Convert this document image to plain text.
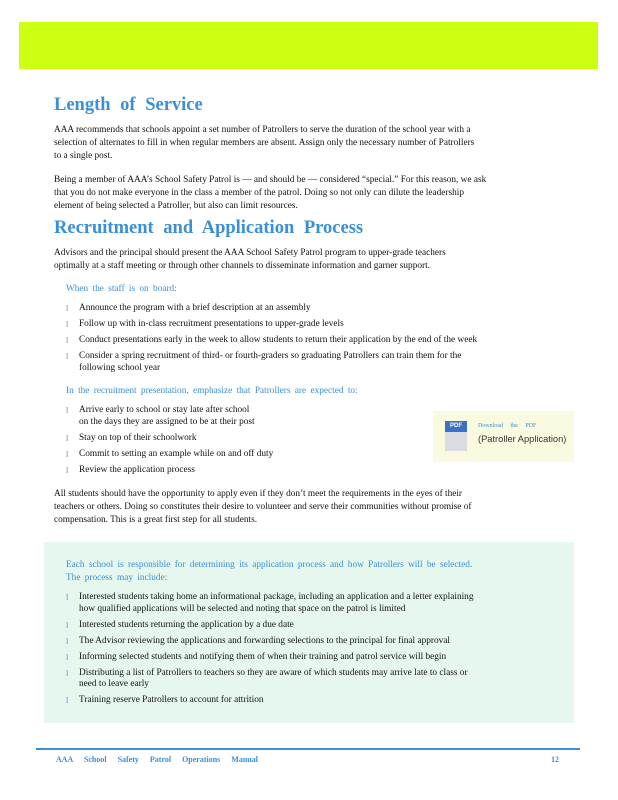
Length of Service
AAA recommends that schools appoint a set number of Patrollers to serve the duration of the school year with a
selection of alternates to fill in when regular members are absent. Assign only the necessary number of Patrollers
to a single post.
Being a member of AAA’s School Safety Patrol is — and should be — considered “special.” For this reason, we ask
that you do not make everyone in the class a member of the patrol. Doing so not only can dilute the leadership
element of being selected a Patroller, but also can limit resources.
Recruitment and Application Process
Advisors and the principal should present the AAA School Safety Patrol program to upper-grade teachers
optimally at a staff meeting or through other channels to disseminate information and garner support.
When the staff is on board:
l Announce the program with a brief description at an assembly
l Follow up with in-class recruitment presentations to upper-grade levels
l Conduct presentations early in the week to allow students to return their application by the end of the week
l Consider a spring recruitment of third- or fourth-graders so graduating Patrollers can train them for the
following school year
In the recruitment presentation, emphasize that Patrollers are expected to:
l Arrive early to school or stay late after school
on the days they are assigned to be at their post
l Stay on top of their schoolwork
l Commit to setting an example while on and off duty
l Review the application process
PDF	Download the PDF
(Patroller Application)
All students should have the opportunity to apply even if they don’t meet the requirements in the eyes of their
teachers or others. Doing so constitutes their desire to volunteer and serve their communities without promise of
compensation. This is a great first step for all students.
Each school is responsible for determining its application process and how Patrollers will be selected.
The process may include:
l Interested students taking home an informational package, including an application and a letter explaining
how qualified applications will be selected and noting that space on the patrol is limited
l Interested students returning the application by a due date
l The Advisor reviewing the applications and forwarding selections to the principal for final approval
l Informing selected students and notifying them of when their training and patrol service will begin
l Distributing a list of Patrollers to teachers so they are aware of which students may arrive late to class or
need to leave early
l Training reserve Patrollers to account for attrition
AAA School Safety Patrol Operations Manual	12
